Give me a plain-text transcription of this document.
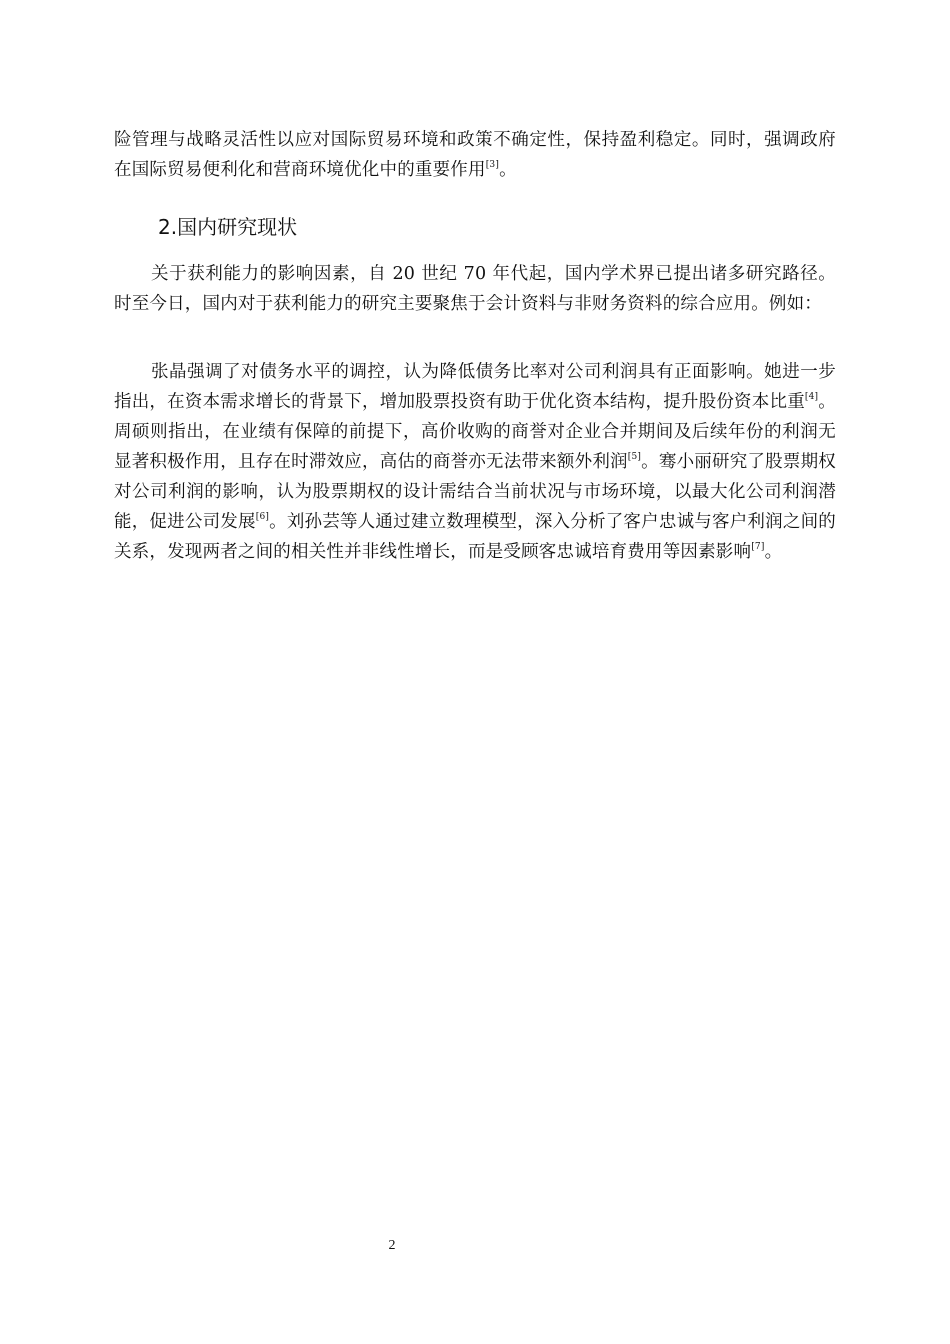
险管理与战略灵活性以应对国际贸易环境和政策不确定性，保持盈利稳定。同时，强调政府在国际贸易便利化和营商环境优化中的重要作用[3]。

2.国内研究现状

关于获利能力的影响因素，自 20 世纪 70 年代起，国内学术界已提出诸多研究路径。时至今日，国内对于获利能力的研究主要聚焦于会计资料与非财务资料的综合应用。例如：

张晶强调了对债务水平的调控，认为降低债务比率对公司利润具有正面影响。她进一步指出，在资本需求增长的背景下，增加股票投资有助于优化资本结构，提升股份资本比重[4]。周硕则指出，在业绩有保障的前提下，高价收购的商誉对企业合并期间及后续年份的利润无显著积极作用，且存在时滞效应，高估的商誉亦无法带来额外利润[5]。骞小丽研究了股票期权对公司利润的影响，认为股票期权的设计需结合当前状况与市场环境，以最大化公司利润潜能，促进公司发展[6]。刘孙芸等人通过建立数理模型，深入分析了客户忠诚与客户利润之间的关系，发现两者之间的相关性并非线性增长，而是受顾客忠诚培育费用等因素影响[7]。

2
